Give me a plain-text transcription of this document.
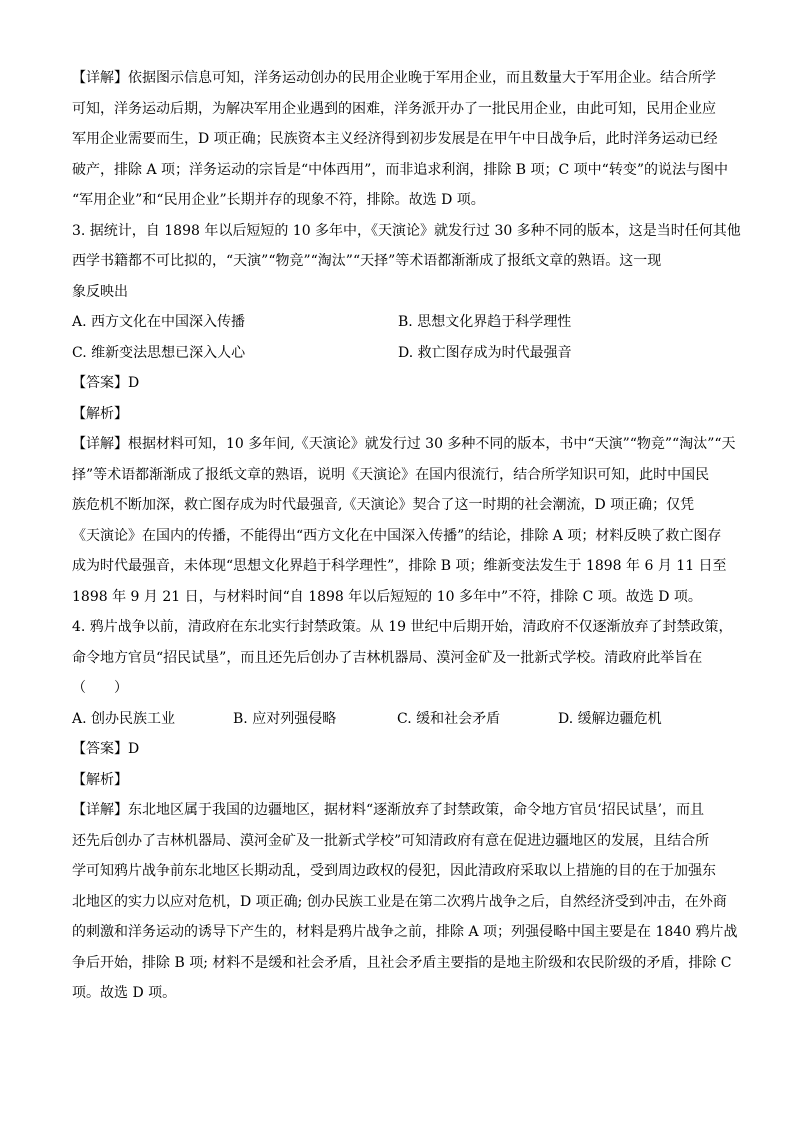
【详解】依据图示信息可知，洋务运动创办的民用企业晚于军用企业，而且数量大于军用企业。结合所学
可知，洋务运动后期，为解决军用企业遇到的困难，洋务派开办了一批民用企业，由此可知，民用企业应
军用企业需要而生，D 项正确；民族资本主义经济得到初步发展是在甲午中日战争后，此时洋务运动已经
破产，排除 A 项；洋务运动的宗旨是“中体西用”，而非追求利润，排除 B 项；C 项中“转变”的说法与图中
“军用企业”和“民用企业”长期并存的现象不符，排除。故选 D 项。
3. 据统计，自 1898 年以后短短的 10 多年中，《天演论》就发行过 30 多种不同的版本，这是当时任何其他
西学书籍都不可比拟的，“天演”“物竞”“淘汰”“天择”等术语都渐渐成了报纸文章的熟语。这一现
象反映出
A. 西方文化在中国深入传播	B. 思想文化界趋于科学理性
C. 维新变法思想已深入人心	D. 救亡图存成为时代最强音
【答案】D
【解析】
【详解】根据材料可知，10 多年间,《天演论》就发行过 30 多种不同的版本，书中“天演”“物竞”“淘汰”“天
择”等术语都渐渐成了报纸文章的熟语，说明《天演论》在国内很流行，结合所学知识可知，此时中国民
族危机不断加深，救亡图存成为时代最强音,《天演论》契合了这一时期的社会潮流，D 项正确；仅凭
《天演论》在国内的传播，不能得出“西方文化在中国深入传播”的结论，排除 A 项；材料反映了救亡图存
成为时代最强音，未体现“思想文化界趋于科学理性”，排除 B 项；维新变法发生于 1898 年 6 月 11 日至
1898 年 9 月 21 日，与材料时间“自 1898 年以后短短的 10 多年中”不符，排除 C 项。故选 D 项。
4. 鸦片战争以前，清政府在东北实行封禁政策。从 19 世纪中后期开始，清政府不仅逐渐放弃了封禁政策，
命令地方官员“招民试垦”，而且还先后创办了吉林机器局、漠河金矿及一批新式学校。清政府此举旨在
（　　）
A. 创办民族工业	B. 应对列强侵略	C. 缓和社会矛盾	D. 缓解边疆危机
【答案】D
【解析】
【详解】东北地区属于我国的边疆地区，据材料“逐渐放弃了封禁政策，命令地方官员‘招民试垦’，而且
还先后创办了吉林机器局、漠河金矿及一批新式学校”可知清政府有意在促进边疆地区的发展，且结合所
学可知鸦片战争前东北地区长期动乱，受到周边政权的侵犯，因此清政府采取以上措施的目的在于加强东
北地区的实力以应对危机，D 项正确; 创办民族工业是在第二次鸦片战争之后，自然经济受到冲击，在外商
的刺激和洋务运动的诱导下产生的，材料是鸦片战争之前，排除 A 项；列强侵略中国主要是在 1840 鸦片战
争后开始，排除 B 项; 材料不是缓和社会矛盾，且社会矛盾主要指的是地主阶级和农民阶级的矛盾，排除 C
项。故选 D 项。
